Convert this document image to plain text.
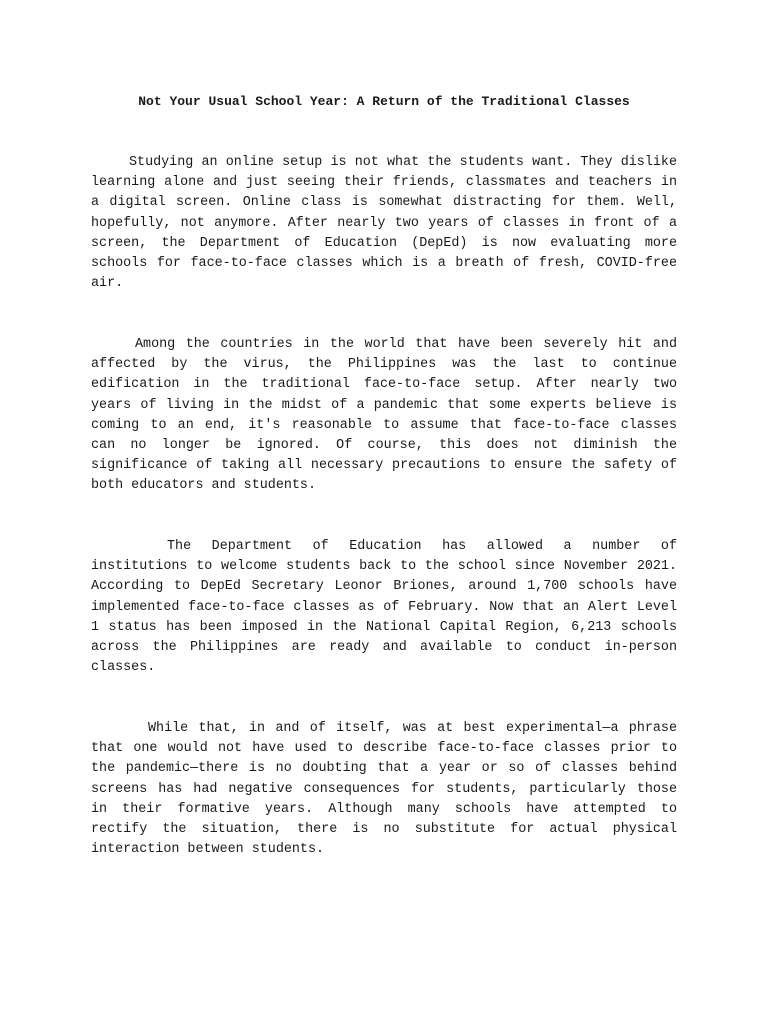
Not Your Usual School Year: A Return of the Traditional Classes

Studying an online setup is not what the students want. They dislike learning alone and just seeing their friends, classmates and teachers in a digital screen. Online class is somewhat distracting for them. Well, hopefully, not anymore. After nearly two years of classes in front of a screen, the Department of Education (DepEd) is now evaluating more schools for face-to-face classes which is a breath of fresh, COVID-free air.

Among the countries in the world that have been severely hit and affected by the virus, the Philippines was the last to continue edification in the traditional face-to-face setup. After nearly two years of living in the midst of a pandemic that some experts believe is coming to an end, it's reasonable to assume that face-to-face classes can no longer be ignored. Of course, this does not diminish the significance of taking all necessary precautions to ensure the safety of both educators and students.

The Department of Education has allowed a number of institutions to welcome students back to the school since November 2021. According to DepEd Secretary Leonor Briones, around 1,700 schools have implemented face-to-face classes as of February. Now that an Alert Level 1 status has been imposed in the National Capital Region, 6,213 schools across the Philippines are ready and available to conduct in-person classes.

While that, in and of itself, was at best experimental—a phrase that one would not have used to describe face-to-face classes prior to the pandemic—there is no doubting that a year or so of classes behind screens has had negative consequences for students, particularly those in their formative years. Although many schools have attempted to rectify the situation, there is no substitute for actual physical interaction between students.
